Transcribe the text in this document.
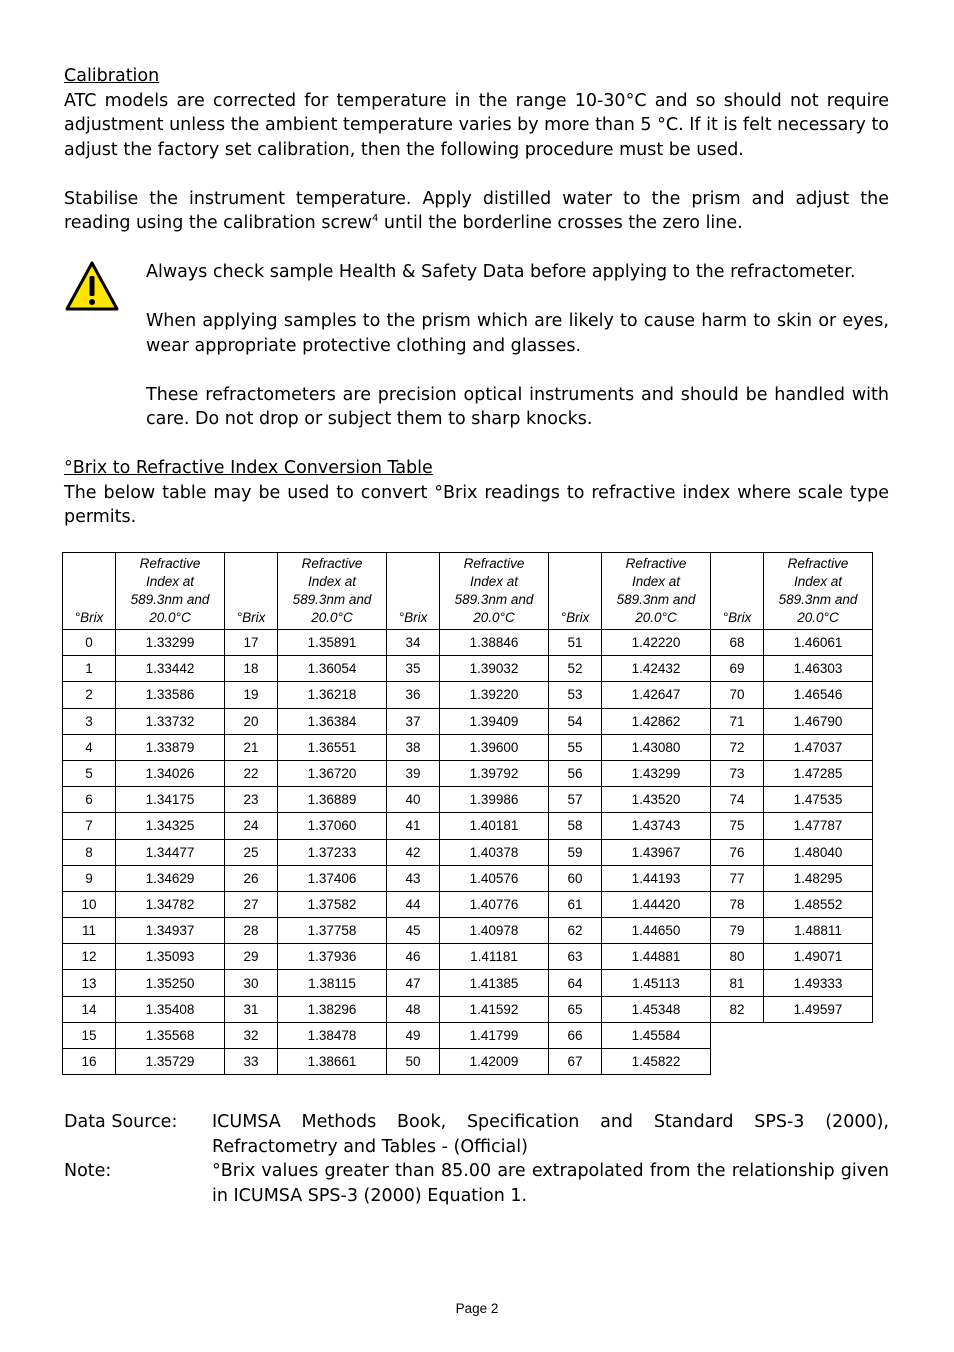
Calibration

ATC models are corrected for temperature in the range 10-30°C and so should not require adjustment unless the ambient temperature varies by more than 5 °C. If it is felt necessary to adjust the factory set calibration, then the following procedure must be used.

Stabilise the instrument temperature. Apply distilled water to the prism and adjust the reading using the calibration screw$^4$ until the borderline crosses the zero line.

Always check sample Health & Safety Data before applying to the refractometer.

When applying samples to the prism which are likely to cause harm to skin or eyes, wear appropriate protective clothing and glasses.

These refractometers are precision optical instruments and should be handled with care. Do not drop or subject them to sharp knocks.

°Brix to Refractive Index Conversion Table

The below table may be used to convert °Brix readings to refractive index where scale type permits.

°Brix	Refractive
Index at
589.3nm and
20.0°C	°Brix	Refractive
Index at
589.3nm and
20.0°C	°Brix	Refractive
Index at
589.3nm and
20.0°C	°Brix	Refractive
Index at
589.3nm and
20.0°C	°Brix	Refractive
Index at
589.3nm and
20.0°C
0	1.33299	17	1.35891	34	1.38846	51	1.42220	68	1.46061
1	1.33442	18	1.36054	35	1.39032	52	1.42432	69	1.46303
2	1.33586	19	1.36218	36	1.39220	53	1.42647	70	1.46546
3	1.33732	20	1.36384	37	1.39409	54	1.42862	71	1.46790
4	1.33879	21	1.36551	38	1.39600	55	1.43080	72	1.47037
5	1.34026	22	1.36720	39	1.39792	56	1.43299	73	1.47285
6	1.34175	23	1.36889	40	1.39986	57	1.43520	74	1.47535
7	1.34325	24	1.37060	41	1.40181	58	1.43743	75	1.47787
8	1.34477	25	1.37233	42	1.40378	59	1.43967	76	1.48040
9	1.34629	26	1.37406	43	1.40576	60	1.44193	77	1.48295
10	1.34782	27	1.37582	44	1.40776	61	1.44420	78	1.48552
11	1.34937	28	1.37758	45	1.40978	62	1.44650	79	1.48811
12	1.35093	29	1.37936	46	1.41181	63	1.44881	80	1.49071
13	1.35250	30	1.38115	47	1.41385	64	1.45113	81	1.49333
14	1.35408	31	1.38296	48	1.41592	65	1.45348	82	1.49597
15	1.35568	32	1.38478	49	1.41799	66	1.45584		
16	1.35729	33	1.38661	50	1.42009	67	1.45822		
Data Source:	ICUMSA Methods Book, Specification and Standard SPS-3 (2000), Refractometry and Tables - (Official)
Note:	°Brix values greater than 85.00 are extrapolated from the relationship given in ICUMSA SPS-3 (2000) Equation 1.
Page 2
